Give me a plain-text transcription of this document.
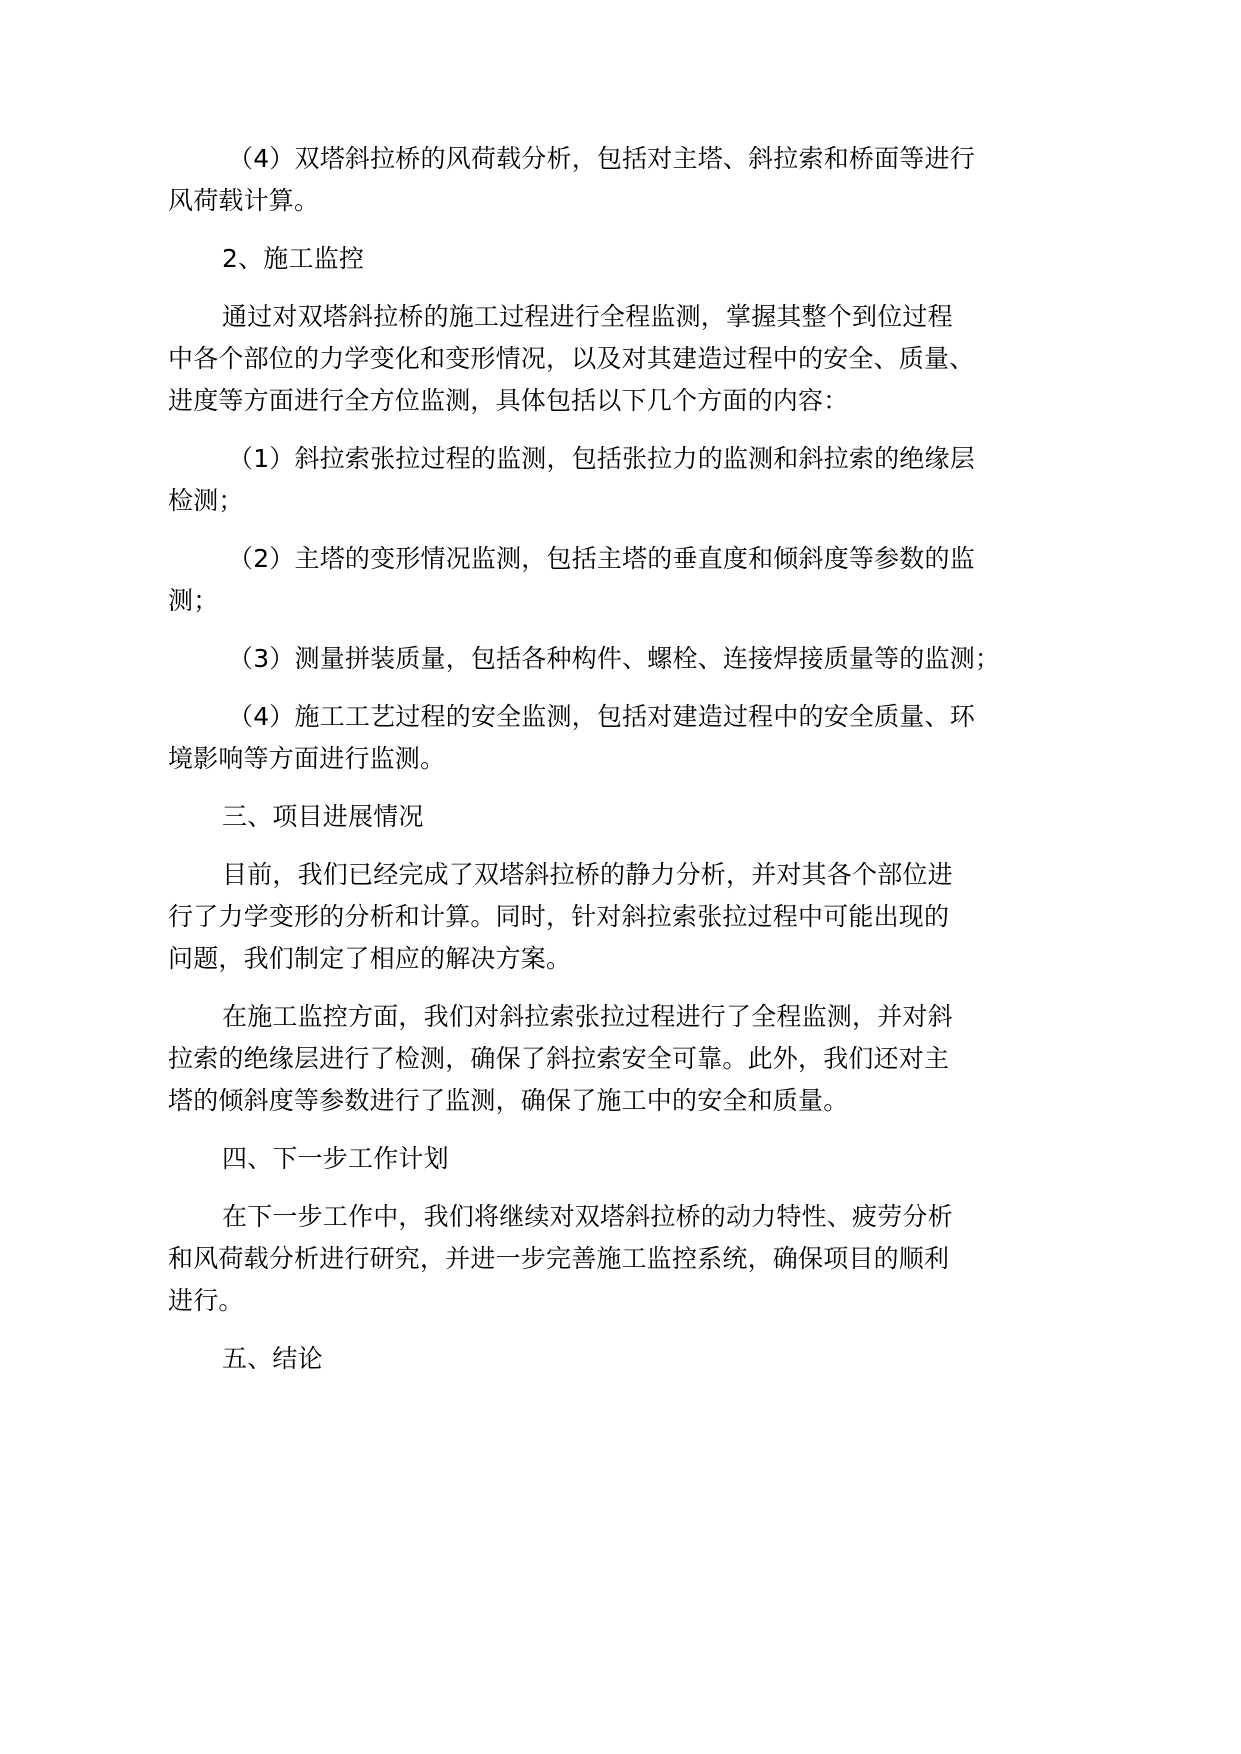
（4）双塔斜拉桥的风荷载分析，包括对主塔、斜拉索和桥面等进行
风荷载计算。
2、施工监控
通过对双塔斜拉桥的施工过程进行全程监测，掌握其整个到位过程
中各个部位的力学变化和变形情况，以及对其建造过程中的安全、质量、
进度等方面进行全方位监测，具体包括以下几个方面的内容：
（1）斜拉索张拉过程的监测，包括张拉力的监测和斜拉索的绝缘层
检测；
（2）主塔的变形情况监测，包括主塔的垂直度和倾斜度等参数的监
测；
（3）测量拼装质量，包括各种构件、螺栓、连接焊接质量等的监测；
（4）施工工艺过程的安全监测，包括对建造过程中的安全质量、环
境影响等方面进行监测。
三、项目进展情况
目前，我们已经完成了双塔斜拉桥的静力分析，并对其各个部位进
行了力学变形的分析和计算。同时，针对斜拉索张拉过程中可能出现的
问题，我们制定了相应的解决方案。
在施工监控方面，我们对斜拉索张拉过程进行了全程监测，并对斜
拉索的绝缘层进行了检测，确保了斜拉索安全可靠。此外，我们还对主
塔的倾斜度等参数进行了监测，确保了施工中的安全和质量。
四、下一步工作计划
在下一步工作中，我们将继续对双塔斜拉桥的动力特性、疲劳分析
和风荷载分析进行研究，并进一步完善施工监控系统，确保项目的顺利
进行。
五、结论
